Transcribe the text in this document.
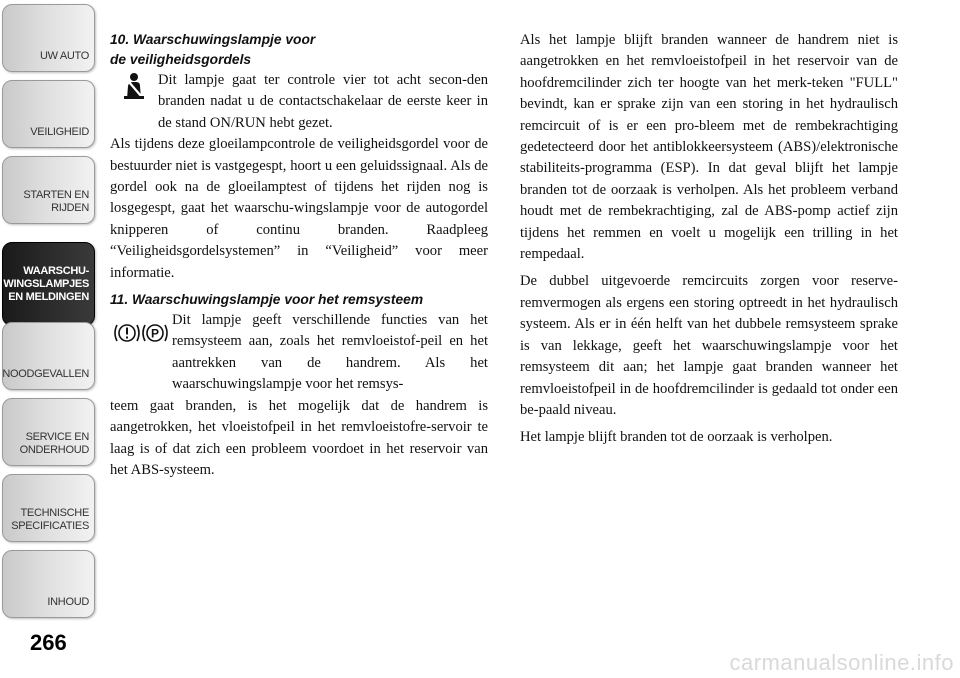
UW AUTO
VEILIGHEID
STARTEN EN RIJDEN
WAARSCHU- WINGSLAMPJES EN MELDINGEN
NOODGEVALLEN
SERVICE EN ONDERHOUD
TECHNISCHE SPECIFICATIES
INHOUD
266

10. Waarschuwingslampje voor

de veiligheidsgordels

Dit lampje gaat ter controle vier tot acht secon-den branden nadat u de contactschakelaar de eerste keer in de stand ON/RUN hebt gezet.

Als tijdens deze gloeilampcontrole de veiligheidsgordel voor de bestuurder niet is vastgegespt, hoort u een geluidssignaal. Als de gordel ook na de gloeilamptest of tijdens het rijden nog is losgegespt, gaat het waarschu-wingslampje voor de autogordel knipperen of continu branden. Raadpleeg “Veiligheidsgordelsystemen” in “Veiligheid” voor meer informatie.

11. Waarschuwingslampje voor het remsysteem

P
Dit lampje geeft verschillende functies van het remsysteem aan, zoals het remvloeistof-peil en het aantrekken van de handrem. Als het waarschuwingslampje voor het remsys-

teem gaat branden, is het mogelijk dat de handrem is aangetrokken, het vloeistofpeil in het remvloeistofre-servoir te laag is of dat zich een probleem voordoet in het reservoir van het ABS-systeem.

Als het lampje blijft branden wanneer de handrem niet is aangetrokken en het remvloeistofpeil in het reservoir van de hoofdremcilinder zich ter hoogte van het merk-teken "FULL" bevindt, kan er sprake zijn van een storing in het hydraulisch remcircuit of is er een pro-bleem met de rembekrachtiging gedetecteerd door het antiblokkeersysteem (ABS)/elektronische stabiliteits-programma (ESP). In dat geval blijft het lampje branden tot de oorzaak is verholpen. Als het probleem verband houdt met de rembekrachtiging, zal de ABS-pomp actief zijn tijdens het remmen en voelt u mogelijk een trilling in het rempedaal.

De dubbel uitgevoerde remcircuits zorgen voor reserve-remvermogen als ergens een storing optreedt in het hydraulisch systeem. Als er in één helft van het dubbele remsysteem sprake is van lekkage, geeft het waarschuwingslampje voor het remsysteem dit aan; het lampje gaat branden wanneer het remvloeistofpeil in de hoofdremcilinder is gedaald tot onder een be-paald niveau.

Het lampje blijft branden tot de oorzaak is verholpen.

carmanualsonline.info
